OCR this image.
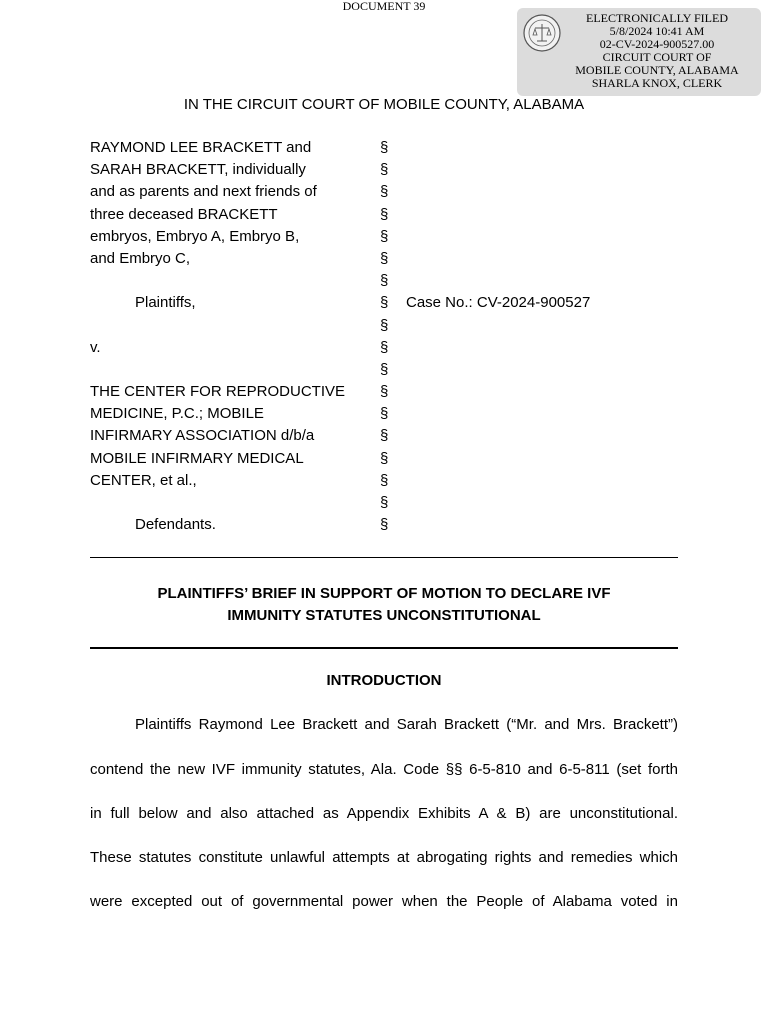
DOCUMENT 39
ELECTRONICALLY FILED
5/8/2024 10:41 AM
02-CV-2024-900527.00
CIRCUIT COURT OF
MOBILE COUNTY, ALABAMA
SHARLA KNOX, CLERK
IN THE CIRCUIT COURT OF MOBILE COUNTY, ALABAMA
RAYMOND LEE BRACKETT and	§
SARAH BRACKETT, individually	§
and as parents and next friends of	§
three deceased BRACKETT	§
embryos, Embryo A, Embryo B,	§
and Embryo C,	§
§
Plaintiffs,	§ Case No.: CV-2024-900527
§
v.	§
§
THE CENTER FOR REPRODUCTIVE §
MEDICINE, P.C.; MOBILE	§
INFIRMARY ASSOCIATION d/b/a	§
MOBILE INFIRMARY MEDICAL	§
CENTER, et al.,	§
§
Defendants.	§
PLAINTIFFS’ BRIEF IN SUPPORT OF MOTION TO DECLARE IVF
IMMUNITY STATUTES UNCONSTITUTIONAL
INTRODUCTION
Plaintiffs Raymond Lee Brackett and Sarah Brackett (“Mr. and Mrs. Brackett”)
contend the new IVF immunity statutes, Ala. Code §§ 6-5-810 and 6-5-811 (set forth
in full below and also attached as Appendix Exhibits A & B) are unconstitutional.
These statutes constitute unlawful attempts at abrogating rights and remedies which
were excepted out of governmental power when the People of Alabama voted in
